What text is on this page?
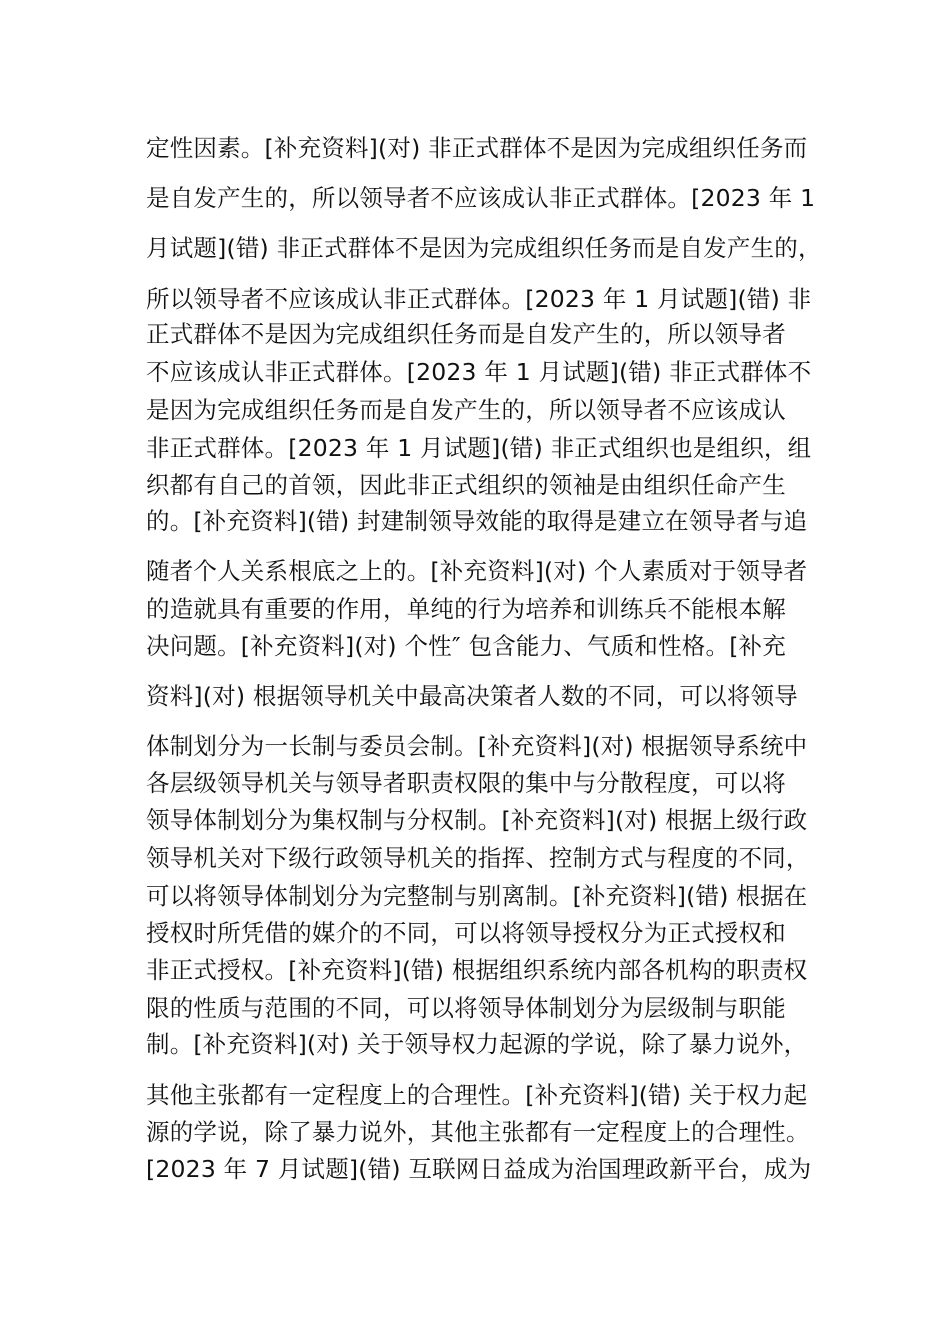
定性因素。[补充资料](对) 非正式群体不是因为完成组织任务而
是自发产生的，所以领导者不应该成认非正式群体。[2023 年 1
月试题](错) 非正式群体不是因为完成组织任务而是自发产生的，
所以领导者不应该成认非正式群体。[2023 年 1 月试题](错) 非
正式群体不是因为完成组织任务而是自发产生的，所以领导者
不应该成认非正式群体。[2023 年 1 月试题](错) 非正式群体不
是因为完成组织任务而是自发产生的，所以领导者不应该成认
非正式群体。[2023 年 1 月试题](错) 非正式组织也是组织，组
织都有自己的首领，因此非正式组织的领袖是由组织任命产生
的。[补充资料](错) 封建制领导效能的取得是建立在领导者与追
随者个人关系根底之上的。[补充资料](对) 个人素质对于领导者
的造就具有重要的作用，单纯的行为培养和训练兵不能根本解
决问题。[补充资料](对) 个性″ 包含能力、气质和性格。[补充
资料](对) 根据领导机关中最高决策者人数的不同，可以将领导
体制划分为一长制与委员会制。[补充资料](对) 根据领导系统中
各层级领导机关与领导者职责权限的集中与分散程度，可以将
领导体制划分为集权制与分权制。[补充资料](对) 根据上级行政
领导机关对下级行政领导机关的指挥、控制方式与程度的不同，
可以将领导体制划分为完整制与别离制。[补充资料](错) 根据在
授权时所凭借的媒介的不同，可以将领导授权分为正式授权和
非正式授权。[补充资料](错) 根据组织系统内部各机构的职责权
限的性质与范围的不同，可以将领导体制划分为层级制与职能
制。[补充资料](对) 关于领导权力起源的学说，除了暴力说外，
其他主张都有一定程度上的合理性。[补充资料](错) 关于权力起
源的学说，除了暴力说外，其他主张都有一定程度上的合理性。
[2023 年 7 月试题](错) 互联网日益成为治国理政新平台，成为
